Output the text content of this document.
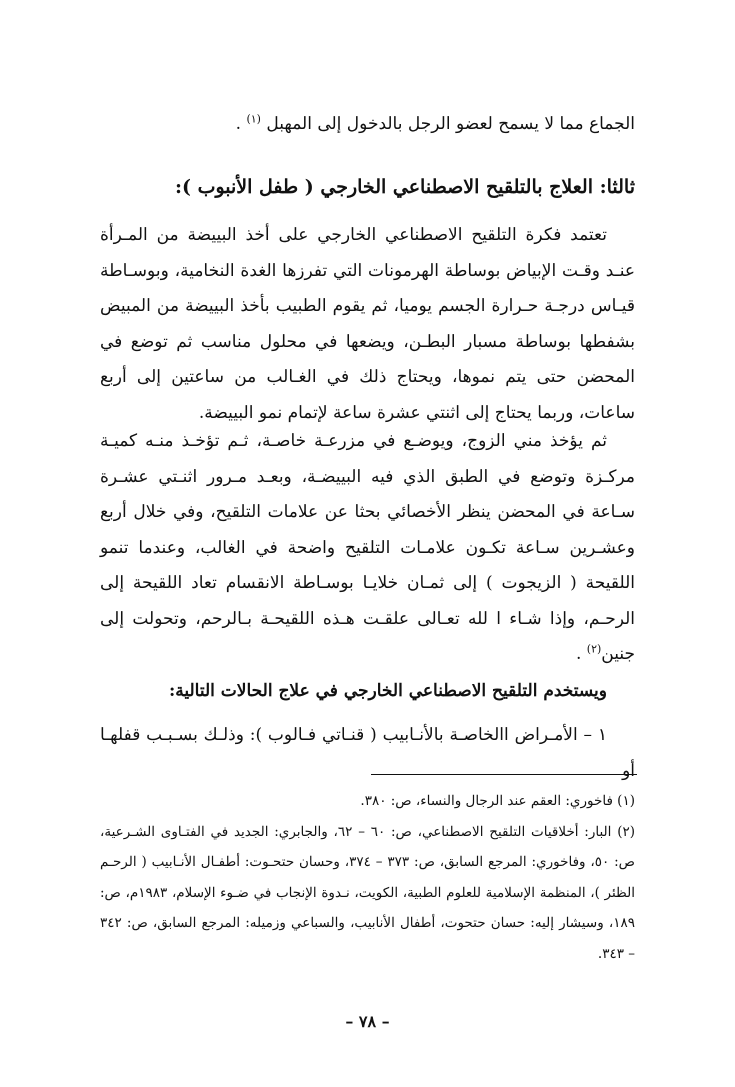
الجماع مما لا يسمح لعضو الرجل بالدخول إلى المهبل $^{(١)}$ .

ثالثا: العلاج بالتلقيح الاصطناعي الخارجي ( طفل الأنبوب ):

تعتمد فكرة التلقيح الاصطناعي الخارجي على أخذ البييضة من المـرأة عنـد وقـت الإبياض بوساطة الهرمونات التي تفرزها الغدة النخامية، وبوسـاطة قيـاس درجـة حـرارة الجسم يوميا، ثم يقوم الطبيب بأخذ البييضة من المبيض بشفطها بوساطة مسبار البطـن، ويضعها في محلول مناسب ثم توضع في المحضن حتى يتم نموها، ويحتاج ذلك في الغـالب من ساعتين إلى أربع ساعات، وربما يحتاج إلى اثنتي عشرة ساعة لإتمام نمو البييضة.

ثم يؤخذ مني الزوج، ويوضـع في مزرعـة خاصـة، ثـم تؤخـذ منـه كميـة مركـزة وتوضع في الطبق الذي فيه البييضـة، وبعـد مـرور اثنـتي عشـرة سـاعة في المحضن ينظر الأخصائي بحثا عن علامات التلقيح، وفي خلال أربع وعشـرين سـاعة تكـون علامـات التلقيح واضحة في الغالب، وعندما تنمو اللقيحة ( الزيجوت ) إلى ثمـان خلايـا بوسـاطة الانقسام تعاد اللقيحة إلى الرحـم، وإذا شـاء ا لله تعـالى علقـت هـذه اللقيحـة بـالرحم، وتحولت إلى جنين$^{(٢)}$ .

ويستخدم التلقيح الاصطناعي الخارجي في علاج الحالات التالية:

١ – الأمـراض االخاصـة بالأنـابيب ( قنـاتي فـالوب ): وذلـك بسـبـب قفلهـا أو

(١) فاخوري: العقم عند الرجال والنساء، ص: ٣٨٠.

(٢) البار: أخلاقيات التلقيح الاصطناعي، ص: ٦٠ – ٦٢، والجابري: الجديد في الفتـاوى الشـرعية، ص: ٥٠، وفاخوري: المرجع السابق، ص: ٣٧٣ – ٣٧٤، وحسان حتحـوت: أطفـال الأنـابيب ( الرحـم الظئر )، المنظمة الإسلامية للعلوم الطبية، الكويت، نـدوة الإنجاب في ضـوء الإسلام، ١٩٨٣م، ص: ١٨٩، وسيشار إليه: حسان حتحوت، أطفال الأنابيب، والسباعي وزميله: المرجع السابق، ص: ٣٤٢ – ٣٤٣.

– ٧٨ –
